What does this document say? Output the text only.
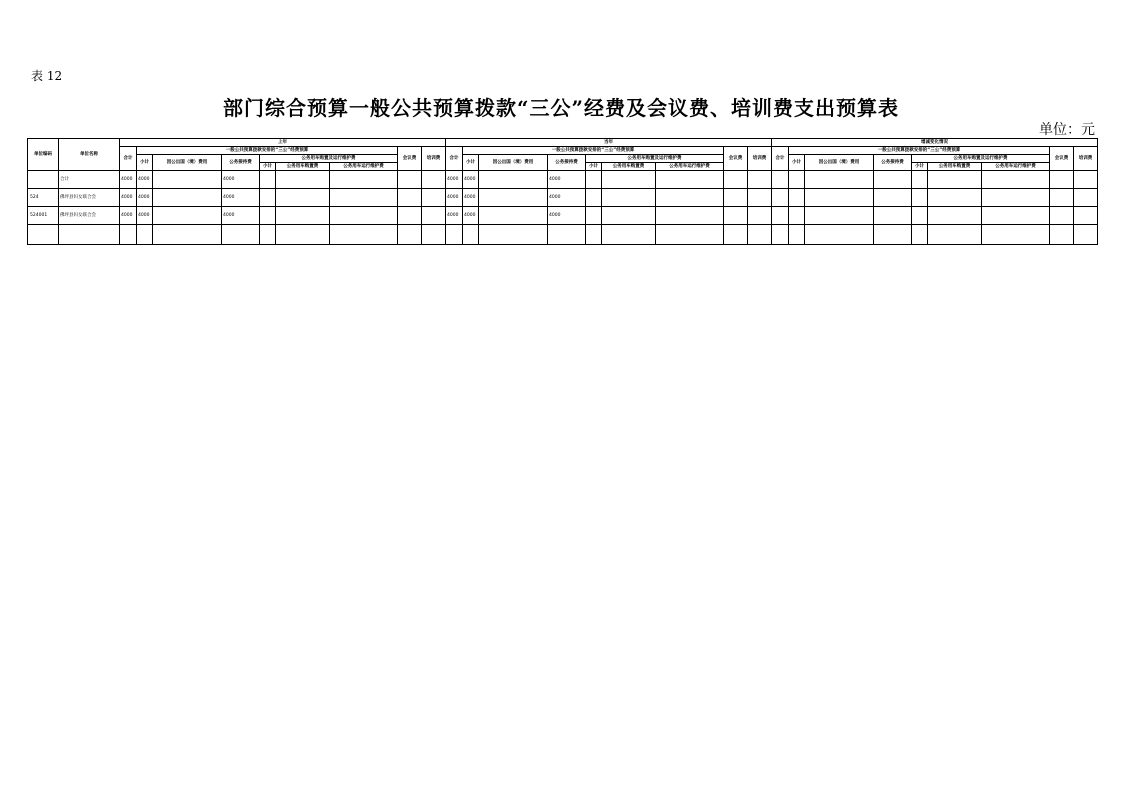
表 12
部门综合预算一般公共预算拨款“三公”经费及会议费、培训费支出预算表
单位：元
单位编码	单位名称	上年									当年									增减变化情况								
		合计	一般公共预算拨款安排的“三公”经费预算						会议费	培训费	合计	一般公共预算拨款安排的“三公”经费预算						会议费	培训费	合计	一般公共预算拨款安排的“三公”经费预算						会议费	培训费
			小计	因公出国（境）费用	公务接待费	公务用车购置及运行维护费						小计	因公出国（境）费用	公务接待费	公务用车购置及运行维护费						小计	因公出国（境）费用	公务接待费	公务用车购置及运行维护费				
						小计	公务用车购置费	公务用车运行维护费							小计	公务用车购置费	公务用车运行维护费							小计	公务用车购置费	公务用车运行维护费		
	合计	4000	4000		4000						4000	4000		4000														
524	佛坪县妇女联合会	4000	4000		4000						4000	4000		4000														
524001	佛坪县妇女联合会	4000	4000		4000						4000	4000		4000														
